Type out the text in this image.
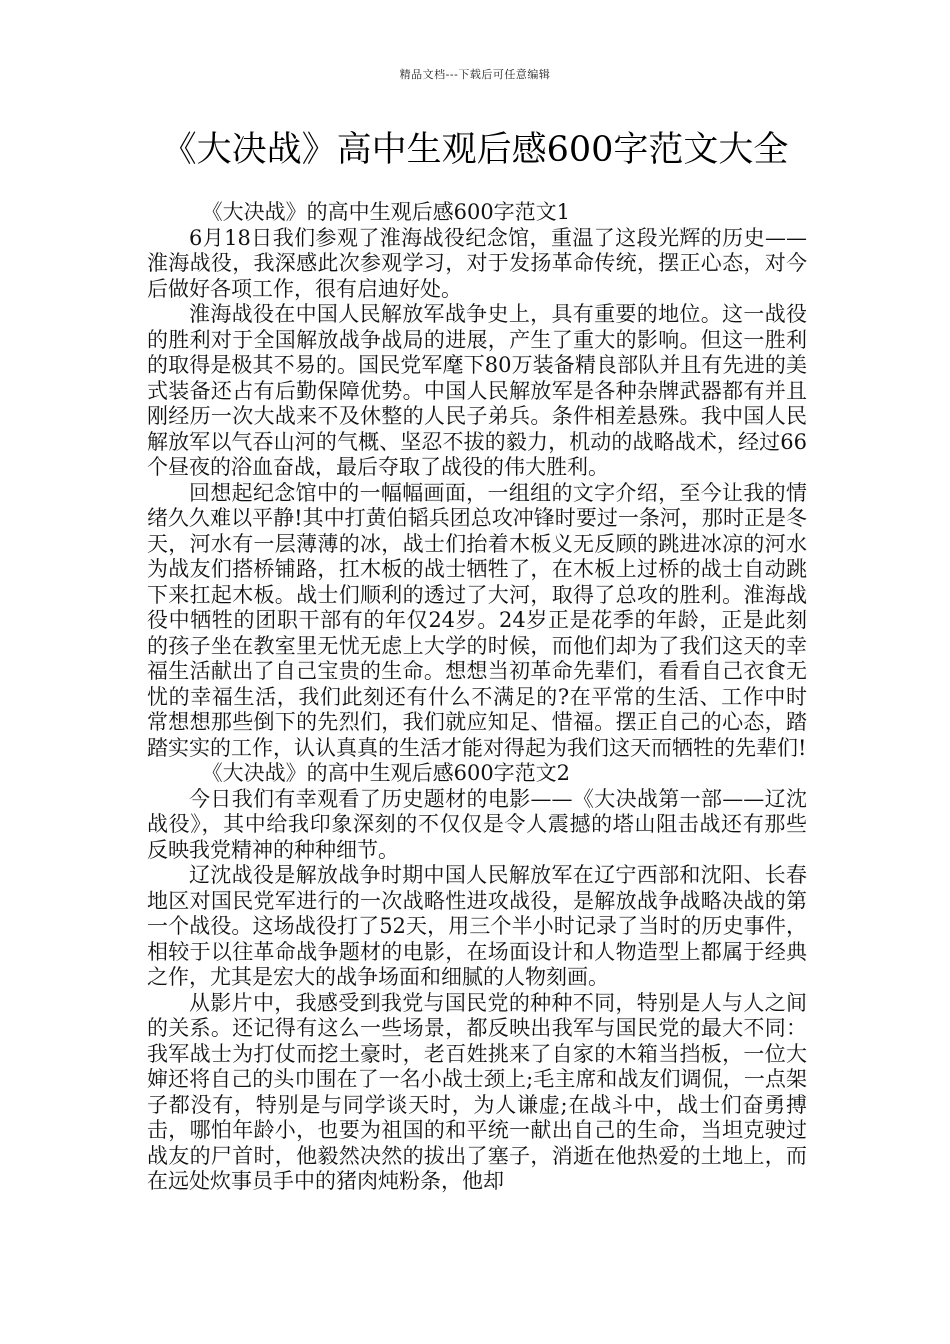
精品文档---下载后可任意编辑
《大决战》高中生观后感600字范文大全

《大决战》的高中生观后感600字范文1

6月18日我们参观了淮海战役纪念馆，重温了这段光辉的历史——淮海战役，我深感此次参观学习，对于发扬革命传统，摆正心态，对今后做好各项工作，很有启迪好处。

淮海战役在中国人民解放军战争史上，具有重要的地位。这一战役的胜利对于全国解放战争战局的进展，产生了重大的影响。但这一胜利的取得是极其不易的。国民党军麾下80万装备精良部队并且有先进的美式装备还占有后勤保障优势。中国人民解放军是各种杂牌武器都有并且刚经历一次大战来不及休整的人民子弟兵。条件相差悬殊。我中国人民解放军以气吞山河的气概、坚忍不拔的毅力，机动的战略战术，经过66个昼夜的浴血奋战，最后夺取了战役的伟大胜利。

回想起纪念馆中的一幅幅画面，一组组的文字介绍，至今让我的情绪久久难以平静!其中打黄伯韬兵团总攻冲锋时要过一条河，那时正是冬天，河水有一层薄薄的冰，战士们抬着木板义无反顾的跳进冰凉的河水为战友们搭桥铺路，扛木板的战士牺牲了，在木板上过桥的战士自动跳下来扛起木板。战士们顺利的透过了大河，取得了总攻的胜利。淮海战役中牺牲的团职干部有的年仅24岁。24岁正是花季的年龄，正是此刻的孩子坐在教室里无忧无虑上大学的时候，而他们却为了我们这天的幸福生活献出了自己宝贵的生命。想想当初革命先辈们，看看自己衣食无忧的幸福生活，我们此刻还有什么不满足的?在平常的生活、工作中时常想想那些倒下的先烈们，我们就应知足、惜福。摆正自己的心态，踏踏实实的工作，认认真真的生活才能对得起为我们这天而牺牲的先辈们!

《大决战》的高中生观后感600字范文2

今日我们有幸观看了历史题材的电影——《大决战第一部——辽沈战役》，其中给我印象深刻的不仅仅是令人震撼的塔山阻击战还有那些反映我党精神的种种细节。

辽沈战役是解放战争时期中国人民解放军在辽宁西部和沈阳、长春地区对国民党军进行的一次战略性进攻战役，是解放战争战略决战的第一个战役。这场战役打了52天，用三个半小时记录了当时的历史事件，相较于以往革命战争题材的电影，在场面设计和人物造型上都属于经典之作，尤其是宏大的战争场面和细腻的人物刻画。

从影片中，我感受到我党与国民党的种种不同，特别是人与人之间的关系。还记得有这么一些场景，都反映出我军与国民党的最大不同：我军战士为打仗而挖土豪时，老百姓挑来了自家的木箱当挡板，一位大婶还将自己的头巾围在了一名小战士颈上;毛主席和战友们调侃，一点架子都没有，特别是与同学谈天时，为人谦虚;在战斗中，战士们奋勇搏击，哪怕年龄小，也要为祖国的和平统一献出自己的生命，当坦克驶过战友的尸首时，他毅然决然的拔出了塞子，消逝在他热爱的土地上，而在远处炊事员手中的猪肉炖粉条，他却
